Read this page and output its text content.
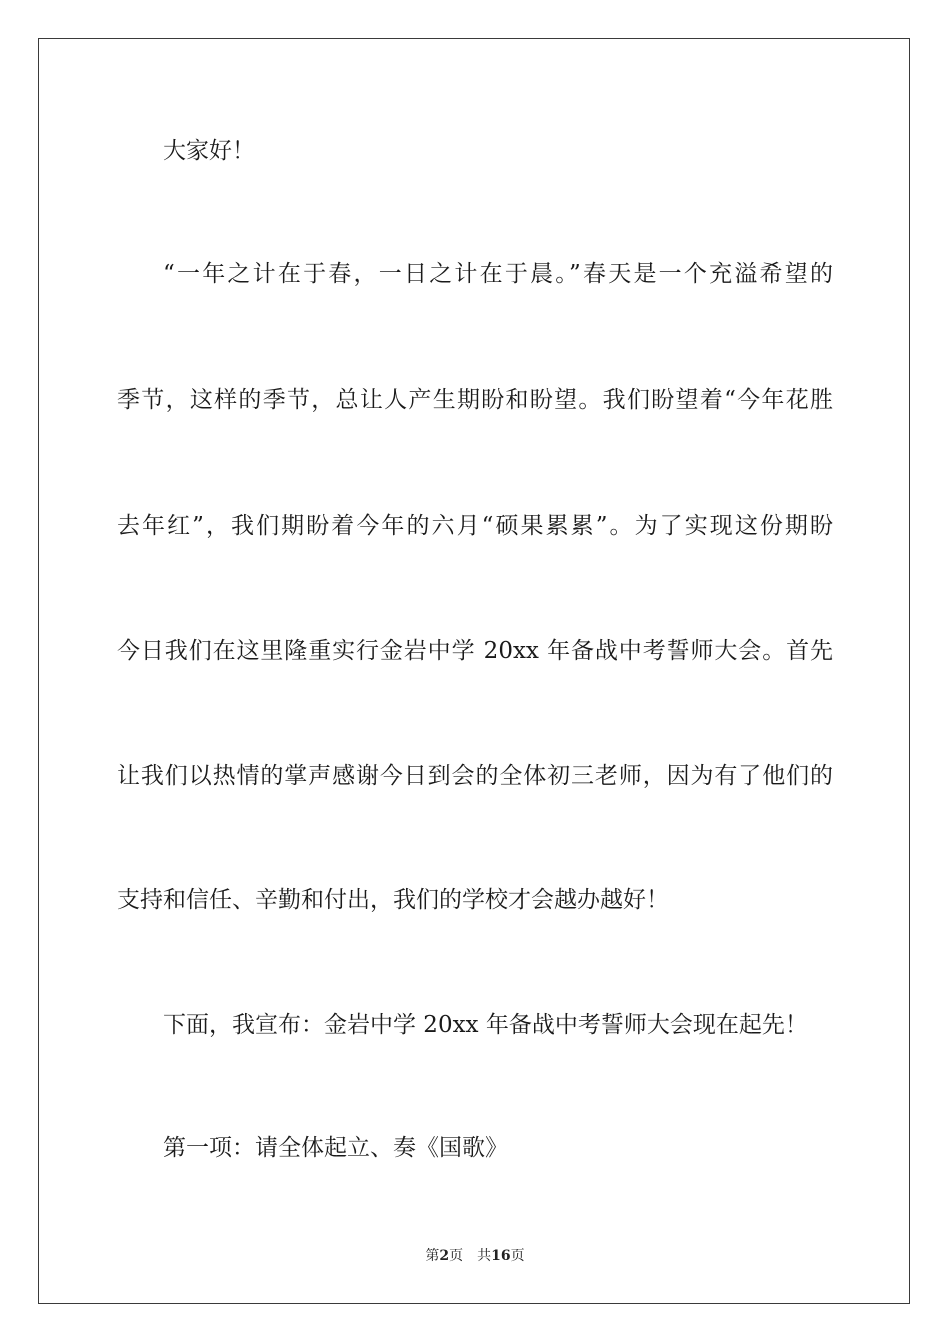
大家好！
“一年之计在于春，一日之计在于晨。”春天是一个充溢希望的
季节，这样的季节，总让人产生期盼和盼望。我们盼望着“今年花胜
去年红”，我们期盼着今年的六月“硕果累累”。为了实现这份期盼
今日我们在这里隆重实行金岩中学 20xx 年备战中考誓师大会。首先
让我们以热情的掌声感谢今日到会的全体初三老师，因为有了他们的
支持和信任、辛勤和付出，我们的学校才会越办越好！
下面，我宣布：金岩中学 20xx 年备战中考誓师大会现在起先！
第一项：请全体起立、奏《国歌》
第2页　共16页
